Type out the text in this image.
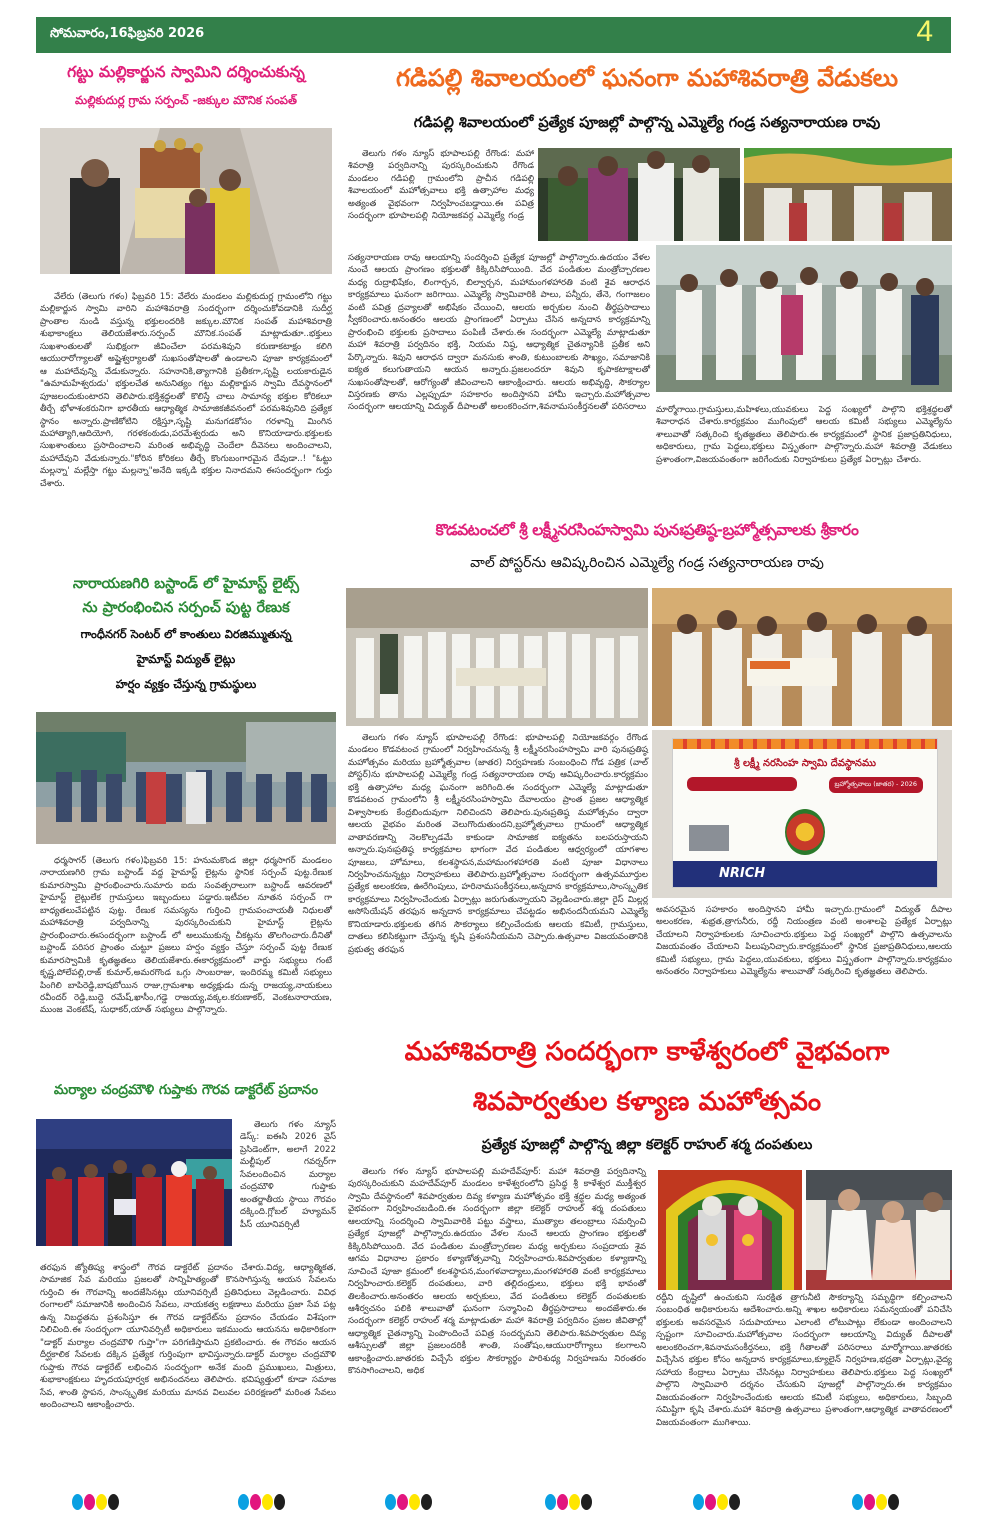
సోమవారం,16ఫిబ్రవరి 2026	4
గట్టు మల్లికార్జున స్వామిని దర్శించుకున్న
మల్లికుదుర్ల గ్రామ సర్పంచ్ -జక్కుల మౌనిక సంపత్
వేలేరు (తెలుగు గళం) ఫిబ్రవరి 15: వేలేరు మండలం మల్లికుదుర్ల గ్రామంలోని గట్టు మల్లికార్జున స్వామి వారిని మహాశివరాత్రి సందర్భంగా దర్శించుకోవడానికి సుదీర్ఘ ప్రాంతాల నుండి వస్తున్న భక్తులందరికి జక్కుల.మౌనిక సంపత్ మహాశివరాత్రి శుభాకాంక్షలు తెలియజేశారు.సర్పంచ్ మౌనిక.సంపత్ మాట్లాడుతూ..భక్తులు సుఖశాంతులతో సుభిక్షంగా జీవించేలా పరమశివుని కరుణాకటాక్షం కలిగి ఆయురారోగ్యాలతో అష్టైశ్వర్యాలతో సుఖసంతోషాలతో ఉండాలని పూజా కార్యక్రమంలో ఆ మహాదేవున్ని వేడుకున్నారు. సహనానికి,త్యాగానికి ప్రతీకగా,సృష్టి లయకారుడైన "ఉమామహేశ్వరుడు' భక్తులచేత అనునిత్యం గట్టు మల్లికార్జున స్వామి దేవస్థానంలో పూజలందుకుంటారని తెలిపారు.భక్తిశ్రద్ధలతో కొలిస్తే చాలు సామాన్య భక్తుల కోరికలూ తీర్చే భోళాశంకరునిగా భారతీయ ఆధ్యాత్మిక సామాజికజీవనంలో పరమశివునిది ప్రత్యేక స్థానం అన్నారు.ప్రాణికోటిని రక్షిస్తూ,సృష్టి మనుగడకోసం గరళాన్ని మింగిన మహాత్యాగి,ఆదియోగి, గరళకంఠుడు,పరమేశ్వరుడు అని కొనియాడారు.భక్తులకు సుఖశాంతులు ప్రసాదించాలని మరింత అభివృద్ధి చెందేలా దీవెనలు అందించాలని, మహాదేవుని వేడుకున్నారు."కోరిన కోరికలు తీర్చే కొంగుబంగారమైన దేవుడా..! "ఓట్టు మల్లన్నా' మల్లేస్తా గట్టు మల్లన్నా"అనేది ఇక్కడి భక్తుల నినాదమని ఈసందర్భంగా గుర్తు చేశారు.
నారాయణగిరి బస్టాండ్ లో హైమాస్ట్ లైట్స్
ను ప్రారంభించిన సర్పంచ్ పుట్ట రేణుక
గాంధీనగర్ సెంటర్ లో కాంతులు విరజిమ్ముతున్న
హైమాస్ట్ విద్యుత్ లైట్లు
హర్షం వ్యక్తం చేస్తున్న గ్రామస్థులు
ధర్మసాగర్ (తెలుగు గళం)ఫిబ్రవరి 15: హనుమకొండ జిల్లా ధర్మసాగర్ మండలం నారాయణగిరి గ్రామ బస్టాండ్ వద్ద హైమాస్ట్ లైట్లను స్థానిక సర్పంచ్ పుట్ట.రేణుక కుమారస్వామి ప్రారంభించారు.సుమారు ఐదు సంవత్సరాలుగా బస్టాండ్ ఆవరణలో హైమాస్ట్ లైట్లులేక గ్రామస్తులు ఇబ్బందులు పడ్డారు.ఇటీవల నూతన సర్పంచ్ గా బాధ్యతలుచేపట్టిన పుట్ట. రేణుక సమస్యను గుర్తించి గ్రామపంచాయతీ నిధులతో మహాశివరాత్రి పర్వదినాన్ని పురస్కరించుకుని హైమాస్ట్ లైట్లను ప్రారంభించారు.ఈసందర్భంగా బస్టాండ్ లో అలుముకున్న చీకట్లను తొలగించారు.దీనితో బస్టాండ్ పరిసర ప్రాంతం చుట్టూ ప్రజలు హర్షం వ్యక్తం చేస్తూ సర్పంచ్ పుట్ట రేణుక కుమారస్వామికి కృతజ్ఞతలు తెలియజేశారు.ఈకార్యక్రమంలో వార్డు సభ్యులు గంటే కృష్ణ,పోలేపల్లి,రాజ్ కుమార్,అమరగొండ ఒగ్గు సాంబరాజు, ఇందిరమ్మ కమిటీ సభ్యులు పింగిలి బాపిరెడ్డి,బాషబోయిన రాజు,గ్రామశాఖ అధ్యక్షుడు దున్న రాజయ్య,నాయకులు రవీందర్ రెడ్డి,బుద్దె రమేష్,ఖాసీం,గడ్డె రాజయ్య,వక్కల.కరుణాకర్, వెంకటనారాయణ, ముంజ వెంకటేష్, సుధాకర్,యాత్ సభ్యులు పాల్గొన్నారు.
మర్యాల చంద్రమౌళి గుప్తాకు గౌరవ డాక్టరేట్ ప్రదానం
తెలుగు గళం న్యూస్ డెస్క్: ఐఈసి 2026 వైస్ ప్రెసిడెంట్‌గా, అలాగే 2022 మల్టీపుల్ గవర్నర్‌గా సేవలందించిన మర్యాల చంద్రమౌళి గుప్తాకు అంతర్జాతీయ స్థాయి గౌరవం దక్కింది.గ్లోబల్ హ్యూమన్ పీస్ యూనివర్సిటీ
తరఫున జ్యోతిష్య శాస్త్రంలో గౌరవ డాక్టరేట్ ప్రదానం చేశారు.విద్య, ఆధ్యాత్మికత, సామాజిక సేవ మరియు ప్రజలతో సాన్నిహిత్యంతో కొనసాగిస్తున్న ఆయన సేవలను గుర్తించి ఈ గౌరవాన్ని అందజేసినట్లు యూనివర్సిటీ ప్రతినిధులు వెల్లడించారు. వివిధ రంగాలలో సమాజానికి అందించిన సేవలు, నాయకత్వ లక్షణాలు మరియు ప్రజా సేవ పట్ల ఉన్న నిబద్ధతను ప్రశంసిస్తూ ఈ గౌరవ డాక్టరేట్‌ను ప్రదానం చేయడం విశేషంగా నిలిచింది.ఈ సందర్భంగా యూనివర్సిటీ అధికారులు ఇకముందు ఆయనను అధికారికంగా "డాక్టర్ మర్యాల చంద్రమౌళి గుప్తా"గా పరిగణిస్తామని ప్రకటించారు. ఈ గౌరవం ఆయన దీర్ఘకాలిక సేవలకు దక్కిన ప్రత్యేక గుర్తింపుగా భావిస్తున్నారు.డాక్టర్ మర్యాల చంద్రమౌళి గుప్తాకు గౌరవ డాక్టరేట్ లభించిన సందర్భంగా అనేక మంది ప్రముఖులు, మిత్రులు, శుభాకాంక్షకులు హృదయపూర్వక అభినందనలు తెలిపారు. భవిష్యత్తులో కూడా సమాజ సేవ, శాంతి స్థాపన, సాంస్కృతిక మరియు మానవ విలువల పరిరక్షణలో మరింత సేవలు అందించాలని ఆకాంక్షించారు.
గడిపల్లి శివాలయంలో ఘనంగా మహాశివరాత్రి వేడుకలు
గడిపల్లి శివాలయంలో ప్రత్యేక పూజల్లో పాల్గొన్న ఎమ్మెల్యే గండ్ర సత్యనారాయణ రావు
తెలుగు గళం న్యూస్ భూపాలపల్లి రేగొండ: మహా శివరాత్రి పర్వదినాన్ని పురస్కరించుకుని రేగొండ మండలం గడిపల్లి గ్రామంలోని ప్రాచీన గడిపల్లి శివాలయంలో మహోత్సవాలు భక్తి ఉత్సాహాల మధ్య అత్యంత వైభవంగా నిర్వహించబడ్డాయి.ఈ పవిత్ర సందర్భంగా భూపాలపల్లి నియోజకవర్గ ఎమ్మెల్యే గండ్ర
సత్యనారాయణ రావు ఆలయాన్ని సందర్శించి ప్రత్యేక పూజల్లో పాల్గొన్నారు.ఉదయం వేళల నుంచే ఆలయ ప్రాంగణం భక్తులతో కిక్కిరిసిపోయింది. వేద పండితుల మంత్రోచ్చారణల మధ్య రుద్రాభిషేకం, లింగార్చన, బిల్వార్చన, మహామంగళహారతి వంటి శైవ ఆరాధన కార్యక్రమాలు ఘనంగా జరిగాయి. ఎమ్మెల్యే స్వామివారికి పాలు, పన్నీరు, తేనె, గంగాజలం వంటి పవిత్ర ద్రవ్యాలతో అభిషేకం చేయించి, ఆలయ అర్చకుల నుంచి తీర్థప్రసాదాలు స్వీకరించారు.అనంతరం ఆలయ ప్రాంగణంలో ఏర్పాటు చేసిన అన్నదాన కార్యక్రమాన్ని ప్రారంభించి భక్తులకు ప్రసాదాలు పంపిణీ చేశారు.ఈ సందర్భంగా ఎమ్మెల్యే మాట్లాడుతూ మహా శివరాత్రి పర్వదినం భక్తి, నియమ నిష్ఠ, ఆధ్యాత్మిక చైతన్యానికి ప్రతీక అని పేర్కొన్నారు. శివుని ఆరాధన ద్వారా మనసుకు శాంతి, కుటుంబాలకు సౌఖ్యం, సమాజానికి ఐక్యత కలుగుతాయని ఆయన అన్నారు.ప్రజలందరూ శివుని కృపాకటాక్షాలతో సుఖసంతోషాలతో, ఆరోగ్యంతో జీవించాలని ఆకాంక్షించారు. ఆలయ అభివృద్ధి, సౌకర్యాల విస్తరణకు తాను ఎల్లప్పుడూ సహకారం అందిస్తానని హామీ ఇచ్చారు.మహోత్సవాల సందర్భంగా ఆలయాన్ని విద్యుత్ దీపాలతో అలంకరించగా,శివనామసంకీర్తనలతో పరిసరాలు	మార్మోగాయి.గ్రామస్తులు,మహిళలు,యువకులు పెద్ద సంఖ్యలో పాల్గొని భక్తిశ్రద్ధలతో శివారాధన చేశారు.కార్యక్రమం ముగింపులో ఆలయ కమిటీ సభ్యులు ఎమ్మెల్యేను శాలువాతో సత్కరించి కృతజ్ఞతలు తెలిపారు.ఈ కార్యక్రమంలో స్థానిక ప్రజాప్రతినిధులు, అధికారులు, గ్రామ పెద్దలు,భక్తులు విస్తృతంగా పాల్గొన్నారు.మహా శివరాత్రి వేడుకలు ప్రశాంతంగా,విజయవంతంగా జరిగేందుకు నిర్వాహకులు ప్రత్యేక ఏర్పాట్లు చేశారు.
కొడవటంచలో శ్రీ లక్ష్మీనరసింహస్వామి పునఃప్రతిష్ఠ-బ్రహ్మోత్సవాలకు శ్రీకారం
వాల్ పోస్టర్‌ను ఆవిష్కరించిన ఎమ్మెల్యే గండ్ర సత్యనారాయణ రావు
తెలుగు గళం న్యూస్ భూపాలపల్లి రేగొండ: భూపాలపల్లి నియోజకవర్గం రేగొండ మండలం కొడవటంచ గ్రామంలో నిర్వహించనున్న శ్రీ లక్ష్మీనరసింహస్వామి వారి పునఃప్రతిష్ఠ మహోత్సవం మరియు బ్రహ్మోత్సవాల (జాతర) నిర్వహణకు సంబంధించి గోడ పత్రిక (వాల్ పోస్టర్)ను భూపాలపల్లి ఎమ్మెల్యే గండ్ర సత్యనారాయణ రావు ఆవిష్కరించారు.కార్యక్రమం భక్తి ఉత్సాహాల మధ్య ఘనంగా జరిగింది.ఈ సందర్భంగా ఎమ్మెల్యే మాట్లాడుతూ కొడవటంచ గ్రామంలోని శ్రీ లక్ష్మీనరసింహస్వామి దేవాలయం ప్రాంత ప్రజల ఆధ్యాత్మిక విశ్వాసాలకు కేంద్రబిందువుగా నిలిచిందని తెలిపారు.పునఃప్రతిష్ఠ మహోత్సవం ద్వారా ఆలయ వైభవం మరింత వెలుగొందుతుందని,బ్రహ్మోత్సవాలు గ్రామంలో ఆధ్యాత్మిక వాతావరణాన్ని నెలకొల్పడమే కాకుండా సామాజిక ఐక్యతను బలపరుస్తాయని అన్నారు.పునఃప్రతిష్ఠ కార్యక్రమాల భాగంగా వేద పండితుల ఆధ్వర్యంలో యాగశాల పూజలు, హోమాలు, కలశస్థాపన,మహామంగళహారతి వంటి పూజా విధానాలు నిర్వహించనున్నట్లు నిర్వాహకులు తెలిపారు.బ్రహ్మోత్సవాల సందర్భంగా ఉత్సవమూర్తుల ప్రత్యేక అలంకరణ, ఊరేగింపులు, హరినామసంకీర్తనలు,అన్నదాన కార్యక్రమాలు,సాంస్కృతిక కార్యక్రమాలు నిర్వహించేందుకు ఏర్పాట్లు జరుగుతున్నాయని వెల్లడించారు.జిల్లా రైస్ మిల్లర్ల అసోసియేషన్ తరఫున అన్నదాన కార్యక్రమాలు చేపట్టడం అభినందనీయమని ఎమ్మెల్యే కొనియాడారు.భక్తులకు తగిన సౌకర్యాలు కల్పించేందుకు ఆలయ కమిటీ, గ్రామస్తులు, దాతలు కలిసికట్టుగా చేస్తున్న కృషి ప్రశంసనీయమని చెప్పారు.ఉత్సవాల విజయవంతానికి ప్రభుత్వ తరఫున
శ్రీ లక్ష్మీ నరసింహ స్వామి దేవస్థానము
బ్రహ్మోత్సవాలు (జాతర) - 2026
NRICH
అవసరమైన సహకారం అందిస్తానని హామీ ఇచ్చారు.గ్రామంలో విద్యుత్ దీపాల అలంకరణ, శుభ్రత,త్రాగునీరు, రద్దీ నియంత్రణ వంటి అంశాలపై ప్రత్యేక ఏర్పాట్లు చేయాలని నిర్వాహకులకు సూచించారు.భక్తులు పెద్ద సంఖ్యలో పాల్గొని ఉత్సవాలను విజయవంతం చేయాలని పిలుపునిచ్చారు.కార్యక్రమంలో స్థానిక ప్రజాప్రతినిధులు,ఆలయ కమిటీ సభ్యులు, గ్రామ పెద్దలు,యువకులు, భక్తులు విస్తృతంగా పాల్గొన్నారు.కార్యక్రమం అనంతరం నిర్వాహకులు ఎమ్మెల్యేను శాలువాతో సత్కరించి కృతజ్ఞతలు తెలిపారు.
మహాశివరాత్రి సందర్భంగా కాళేశ్వరంలో వైభవంగా
శివపార్వతుల కళ్యాణ మహోత్సవం
ప్రత్యేక పూజల్లో పాల్గొన్న జిల్లా కలెక్టర్ రాహుల్ శర్మ దంపతులు
తెలుగు గళం న్యూస్ భూపాలపల్లి మహదేవ్‌పూర్: మహా శివరాత్రి పర్వదినాన్ని పురస్కరించుకుని మహదేవ్‌పూర్ మండలం కాళేశ్వరంలోని ప్రసిద్ధ శ్రీ కాళేశ్వర ముక్తీశ్వర స్వామి దేవస్థానంలో శివపార్వతుల దివ్య కళ్యాణ మహోత్సవం భక్తి శ్రద్ధల మధ్య అత్యంత వైభవంగా నిర్వహించబడింది.ఈ సందర్భంగా జిల్లా కలెక్టర్ రాహుల్ శర్మ దంపతులు ఆలయాన్ని సందర్శించి స్వామివారికి పట్టు వస్త్రాలు, ముత్యాల తలంబ్రాలు సమర్పించి ప్రత్యేక పూజల్లో పాల్గొన్నారు.ఉదయం వేళల నుంచే ఆలయ ప్రాంగణం భక్తులతో కిక్కిరిసిపోయింది. వేద పండితుల మంత్రోచ్చారణల మధ్య అర్చకులు సంప్రదాయ శైవ ఆగమ విధానాల ప్రకారం కళ్యాణోత్సవాన్ని నిర్వహించారు.శివపార్వతుల కళ్యాణాన్ని సూచించే పూజా క్రమంలో కలశస్థాపన,మంగళవాద్యాలు,మంగళహారతి వంటి కార్యక్రమాలు నిర్వహించారు.కలెక్టర్ దంపతులు, వారి తల్లిదండ్రులు, భక్తులు భక్తి భావంతో తిలకించారు.అనంతరం ఆలయ అర్చకులు, వేద పండితులు కలెక్టర్ దంపతులకు ఆశీర్వచనం పలికి శాలువాతో ఘనంగా సన్మానించి తీర్థప్రసాదాలు అందజేశారు.ఈ సందర్భంగా కలెక్టర్ రాహుల్ శర్మ మాట్లాడుతూ మహా శివరాత్రి పర్వదినం ప్రజల జీవితాల్లో ఆధ్యాత్మిక చైతన్యాన్ని పెంపొందించే పవిత్ర సందర్భమని తెలిపారు.శివపార్వతుల దివ్య ఆశీస్సులతో జిల్లా ప్రజలందరికీ శాంతి, సంతోషం,ఆయురారోగ్యాలు కలగాలని ఆకాంక్షించారు.జాతరకు విచ్చేసే భక్తుల సౌకర్యార్థం పారిశుధ్య నిర్వహణను నిరంతరం కొనసాగించాలని, అధిక
రద్దీని దృష్టిలో ఉంచుకుని సురక్షిత త్రాగునీటి సౌకర్యాన్ని సమృద్ధిగా కల్పించాలని సంబంధిత అధికారులను ఆదేశించారు.అన్ని శాఖల అధికారులు సమన్వయంతో పనిచేసి భక్తులకు అవసరమైన సదుపాయాలు ఎలాంటి లోటుపాట్లు లేకుండా అందించాలని స్పష్టంగా సూచించారు.మహోత్సవాల సందర్భంగా ఆలయాన్ని విద్యుత్ దీపాలతో అలంకరించగా,శివనామసంకీర్తనలు, భక్తి గీతాలతో పరిసరాలు మార్మోగాయి.జాతరకు విచ్చేసిన భక్తుల కోసం అన్నదాన కార్యక్రమాలు,క్యూలైన్ నిర్వహణ,భద్రతా ఏర్పాట్లు,వైద్య సహాయ కేంద్రాలు ఏర్పాటు చేసినట్లు నిర్వాహకులు తెలిపారు.భక్తులు పెద్ద సంఖ్యలో పాల్గొని స్వామివారి దర్శనం చేసుకుని పూజల్లో పాల్గొన్నారు.ఈ కార్యక్రమం విజయవంతంగా నిర్వహించేందుకు ఆలయ కమిటీ సభ్యులు, అధికారులు, సిబ్బంది సమిష్టిగా కృషి చేశారు.మహా శివరాత్రి ఉత్సవాలు ప్రశాంతంగా,ఆధ్యాత్మిక వాతావరణంలో విజయవంతంగా ముగిశాయి.
